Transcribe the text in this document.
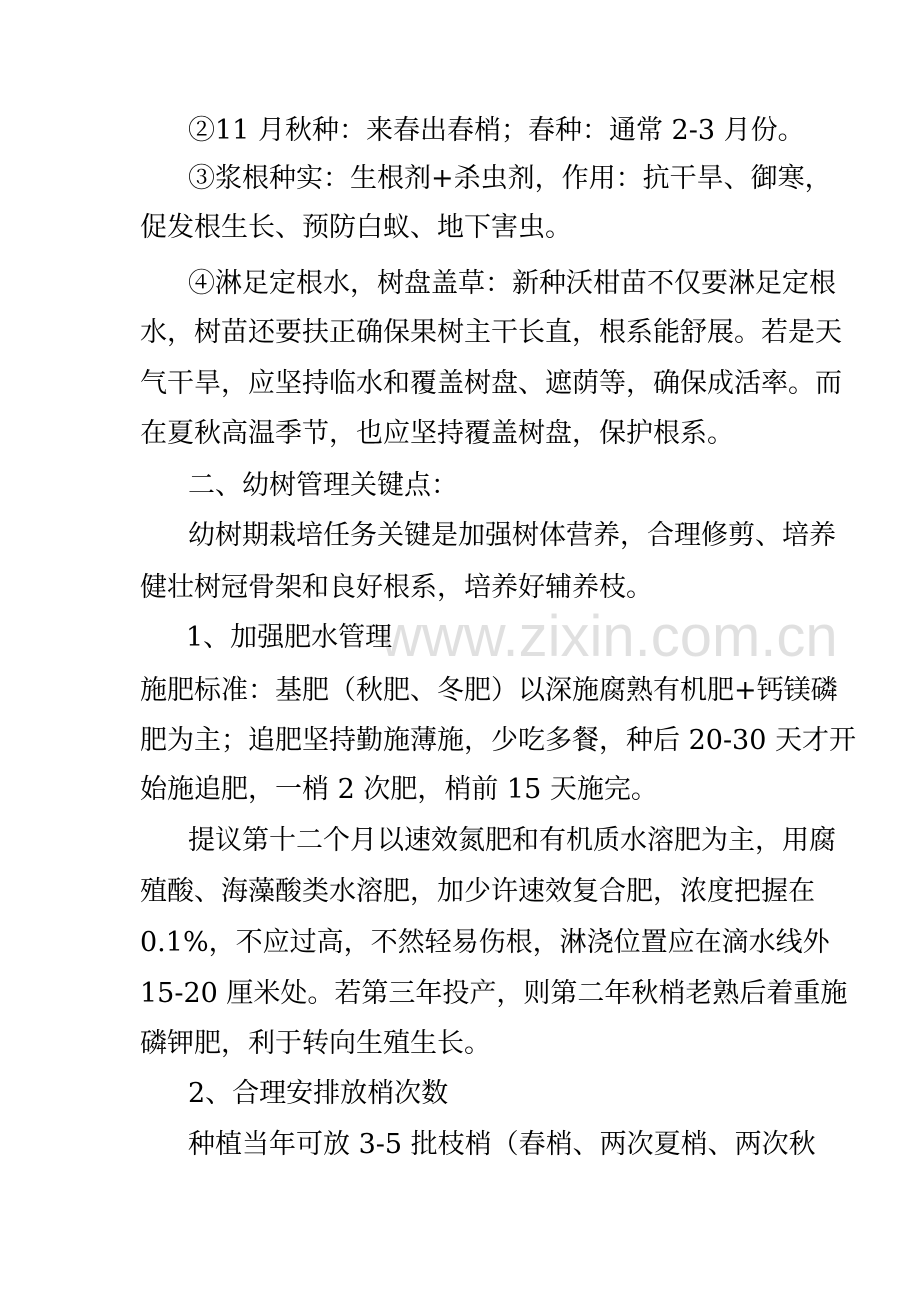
②11 月秋种：来春出春梢；春种：通常 2-3 月份。
③浆根种实：生根剂+杀虫剂，作用：抗干旱、御寒，
促发根生长、预防白蚁、地下害虫。
④淋足定根水，树盘盖草：新种沃柑苗不仅要淋足定根
水，树苗还要扶正确保果树主干长直，根系能舒展。若是天
气干旱，应坚持临水和覆盖树盘、遮荫等，确保成活率。而
在夏秋高温季节，也应坚持覆盖树盘，保护根系。
二、幼树管理关键点：
幼树期栽培任务关键是加强树体营养，合理修剪、培养
健壮树冠骨架和良好根系，培养好辅养枝。
1、加强肥水管理
施肥标准：基肥（秋肥、冬肥）以深施腐熟有机肥+钙镁磷
肥为主；追肥坚持勤施薄施，少吃多餐，种后 20-30 天才开
始施追肥，一梢 2 次肥，梢前 15 天施完。
提议第十二个月以速效氮肥和有机质水溶肥为主，用腐
殖酸、海藻酸类水溶肥，加少许速效复合肥，浓度把握在
0.1%，不应过高，不然轻易伤根，淋浇位置应在滴水线外
15-20 厘米处。若第三年投产，则第二年秋梢老熟后着重施
磷钾肥，利于转向生殖生长。
2、合理安排放梢次数
种植当年可放 3-5 批枝梢（春梢、两次夏梢、两次秋
www.zixin.com.cn
